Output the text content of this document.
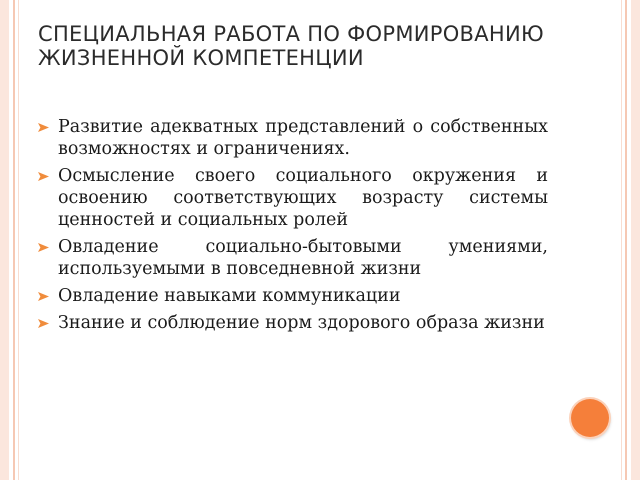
СПЕЦИАЛЬНАЯ РАБОТА ПО ФОРМИРОВАНИЮ ЖИЗНЕННОЙ КОМПЕТЕНЦИИ
Развитие адекватных представлений о собственных возможностях и ограничениях.
Осмысление своего социального окружения и освоению соответствующих возрасту системы ценностей и социальных ролей
Овладение социально-бытовыми умениями, используемыми в повседневной жизни
Овладение навыками коммуникации
Знание и соблюдение норм здорового образа жизни
